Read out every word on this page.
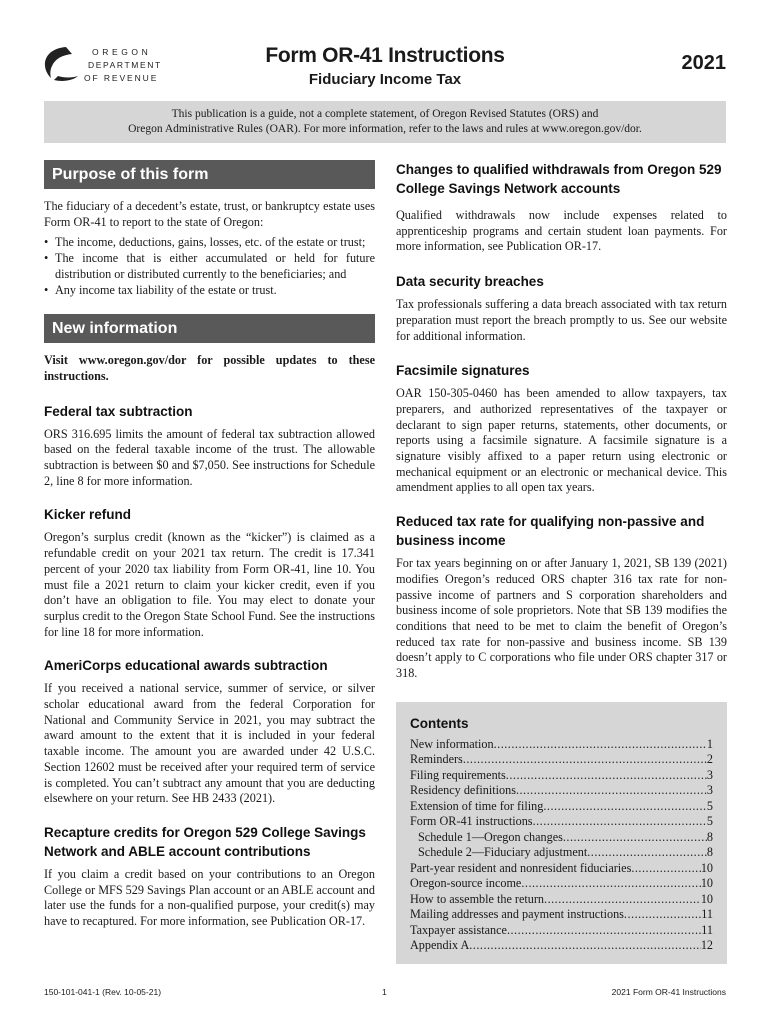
OREGON
DEPARTMENT
OF REVENUE
Form OR-41 Instructions
Fiduciary Income Tax
2021
This publication is a guide, not a complete statement, of Oregon Revised Statutes (ORS) and
Oregon Administrative Rules (OAR). For more information, refer to the laws and rules at www.oregon.gov/dor.
Purpose of this form

The fiduciary of a decedent’s estate, trust, or bankruptcy estate uses Form OR-41 to report to the state of Oregon:

• The income, deductions, gains, losses, etc. of the estate or trust;
• The income that is either accumulated or held for future distribution or distributed currently to the beneficiaries; and
• Any income tax liability of the estate or trust.
New information

Visit www.oregon.gov/dor for possible updates to these instructions.

Federal tax subtraction

ORS 316.695 limits the amount of federal tax subtraction allowed based on the federal taxable income of the trust. The allowable subtraction is between $0 and $7,050. See instructions for Schedule 2, line 8 for more information.

Kicker refund

Oregon’s surplus credit (known as the “kicker”) is claimed as a refundable credit on your 2021 tax return. The credit is 17.341 percent of your 2020 tax liability from Form OR-41, line 10. You must file a 2021 return to claim your kicker credit, even if you don’t have an obligation to file. You may elect to donate your surplus credit to the Oregon State School Fund. See the instructions for line 18 for more information.

AmeriCorps educational awards subtraction

If you received a national service, summer of service, or silver scholar educational award from the federal Corporation for National and Community Service in 2021, you may subtract the award amount to the extent that it is included in your federal taxable income. The amount you are awarded under 42 U.S.C. Section 12602 must be received after your required term of service is completed. You can’t subtract any amount that you are deducting elsewhere on your return. See HB 2433 (2021).

Recapture credits for Oregon 529 College Savings Network and ABLE account contributions

If you claim a credit based on your contributions to an Oregon College or MFS 529 Savings Plan account or an ABLE account and later use the funds for a non-qualified purpose, your credit(s) may have to recaptured. For more information, see Publication OR-17.

Changes to qualified withdrawals from Oregon 529 College Savings Network accounts

Qualified withdrawals now include expenses related to apprenticeship programs and certain student loan payments. For more information, see Publication OR-17.

Data security breaches

Tax professionals suffering a data breach associated with tax return preparation must report the breach promptly to us. See our website for additional information.

Facsimile signatures

OAR 150-305-0460 has been amended to allow taxpayers, tax preparers, and authorized representatives of the taxpayer or declarant to sign paper returns, statements, other documents, or reports using a facsimile signature. A facsimile signature is a signature visibly affixed to a paper return using electronic or mechanical equipment or an electronic or mechanical device. This amendment applies to all open tax years.

Reduced tax rate for qualifying non-passive and business income

For tax years beginning on or after January 1, 2021, SB 139 (2021) modifies Oregon’s reduced ORS chapter 316 tax rate for non-passive income of partners and S corporation shareholders and business income of sole proprietors. Note that SB 139 modifies the conditions that need to be met to claim the benefit of Oregon’s reduced tax rate for non-passive and business income. SB 139 doesn’t apply to C corporations who file under ORS chapter 317 or 318.

Contents
New information .....	1
Reminders .....	2
Filing requirements .....	3
Residency definitions .....	3
Extension of time for filing .....	5
Form OR-41 instructions .....	5
Schedule 1—Oregon changes .....	8
Schedule 2—Fiduciary adjustment .....	8
Part-year resident and nonresident fiduciaries .....	10
Oregon-source income .....	10
How to assemble the return .....	10
Mailing addresses and payment instructions .....	11
Taxpayer assistance .....	11
Appendix A .....	12
150-101-041-1 (Rev. 10-05-21)	1	2021 Form OR-41 Instructions
